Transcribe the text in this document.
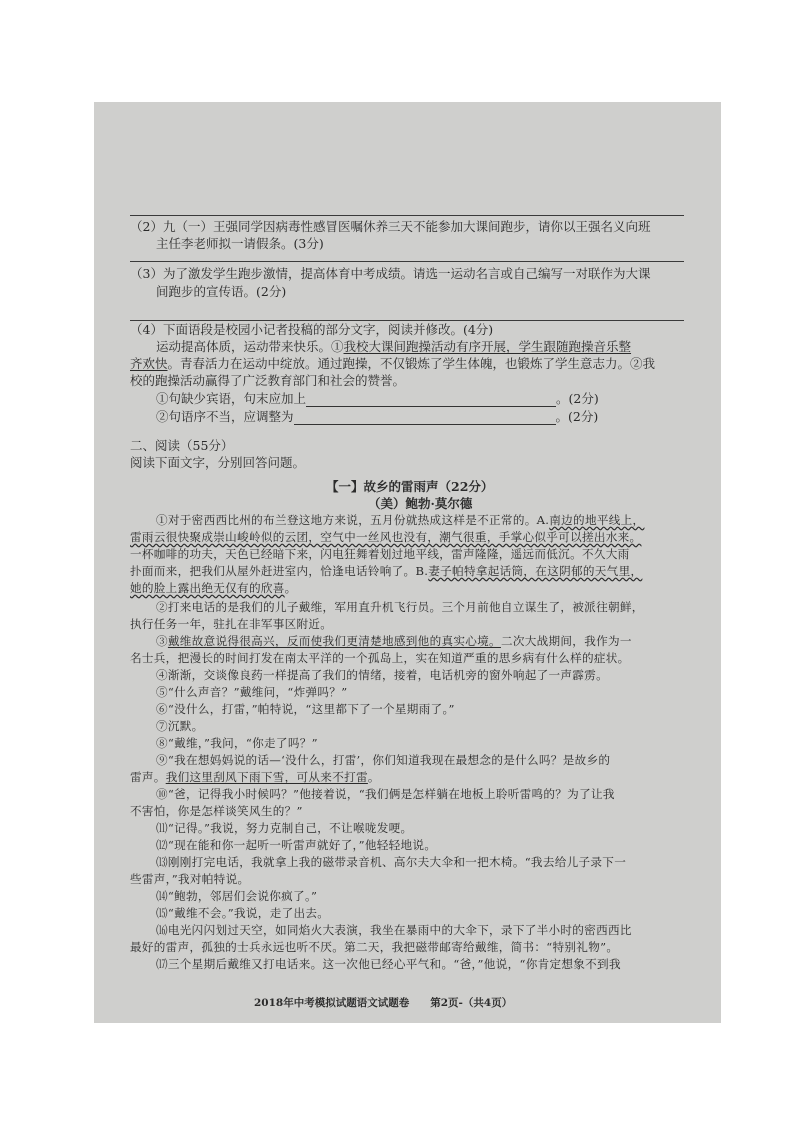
（2）九（一）王强同学因病毒性感冒医嘱休养三天不能参加大课间跑步，请你以王强名义向班
主任李老师拟一请假条。(3分)
（3）为了激发学生跑步激情，提高体育中考成绩。请选一运动名言或自己编写一对联作为大课
间跑步的宣传语。(2分)
（4）下面语段是校园小记者投稿的部分文字，阅读并修改。(4分)
运动提高体质，运动带来快乐。①我校大课间跑操活动有序开展，学生跟随跑操音乐整
齐欢快。青春活力在运动中绽放。通过跑操，不仅锻炼了学生体魄，也锻炼了学生意志力。②我
校的跑操活动赢得了广泛教育部门和社会的赞誉。
①句缺少宾语，句末应加上	。(2分)
②句语序不当，应调整为	。(2分)
二、阅读（55分）
阅读下面文字，分别回答问题。
【一】故乡的雷雨声（22分）
（美）鲍勃·莫尔德
①对于密西西比州的布兰登这地方来说，五月份就热成这样是不正常的。A.南边的地平线上，
雷雨云很快聚成崇山峻岭似的云团，空气中一丝风也没有，潮气很重，手掌心似乎可以搓出水来。
一杯咖啡的功夫，天色已经暗下来，闪电狂舞着划过地平线，雷声隆隆，遥远而低沉。不久大雨
扑面而来，把我们从屋外赶进室内，恰逢电话铃响了。B.妻子帕特拿起话筒，在这阴郁的天气里，
她的脸上露出绝无仅有的欣喜。
②打来电话的是我们的儿子戴维，军用直升机飞行员。三个月前他自立谋生了，被派往朝鲜，
执行任务一年，驻扎在非军事区附近。
③戴维故意说得很高兴，反而使我们更清楚地感到他的真实心境。二次大战期间，我作为一
名士兵，把漫长的时间打发在南太平洋的一个孤岛上，实在知道严重的思乡病有什么样的症状。
④渐渐，交谈像良药一样提高了我们的情绪，接着，电话机旁的窗外响起了一声霹雳。
⑤“什么声音？”戴维问，“炸弹吗？”
⑥“没什么，打雷，”帕特说，“这里都下了一个星期雨了。”
⑦沉默。
⑧“戴维，”我问，“你走了吗？”
⑨“我在想妈妈说的话—‘没什么，打雷’，你们知道我现在最想念的是什么吗？是故乡的
雷声。我们这里刮风下雨下雪，可从来不打雷。
⑩“爸，记得我小时候吗？”他接着说，“我们俩是怎样躺在地板上聆听雷鸣的？为了让我
不害怕，你是怎样谈笑风生的？”
⑾“记得。”我说，努力克制自己，不让喉咙发哽。
⑿“现在能和你一起听一听雷声就好了，”他轻轻地说。
⒀刚刚打完电话，我就拿上我的磁带录音机、高尔夫大伞和一把木椅。“我去给儿子录下一
些雷声，”我对帕特说。
⒁“鲍勃，邻居们会说你疯了。”
⒂“戴维不会。”我说，走了出去。
⒃电光闪闪划过天空，如同焰火大表演，我坐在暴雨中的大伞下，录下了半小时的密西西比
最好的雷声，孤独的士兵永远也听不厌。第二天，我把磁带邮寄给戴维，简书：“特别礼物”。
⒄三个星期后戴维又打电话来。这一次他已经心平气和。“爸，”他说，“你肯定想象不到我
2018年中考模拟试题语文试题卷　　第2页-（共4页）
